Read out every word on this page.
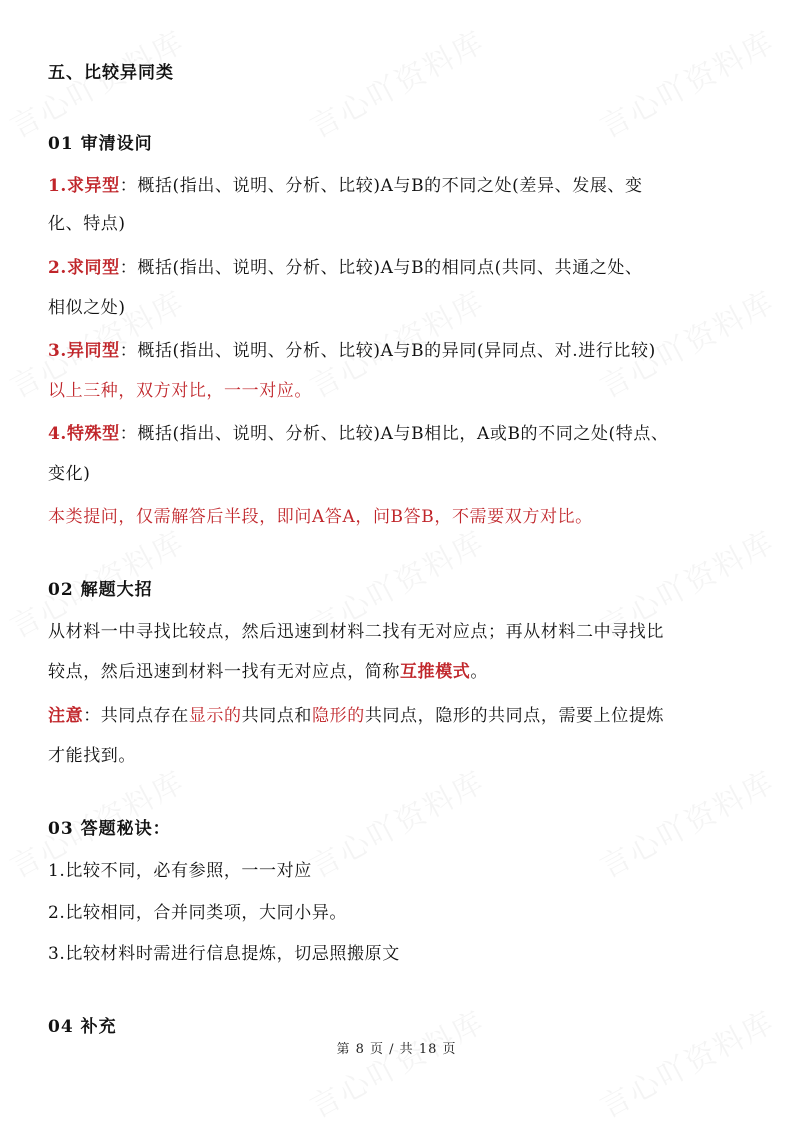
五、比较异同类
01 审清设问
1.求异型：概括(指出、说明、分析、比较)A与B的不同之处(差异、发展、变
化、特点)
2.求同型：概括(指出、说明、分析、比较)A与B的相同点(共同、共通之处、
相似之处)
3.异同型：概括(指出、说明、分析、比较)A与B的异同(异同点、对.进行比较)
以上三种，双方对比，一一对应。
4.特殊型：概括(指出、说明、分析、比较)A与B相比，A或B的不同之处(特点、
变化)
本类提问，仅需解答后半段，即问A答A，问B答B，不需要双方对比。
02 解题大招
从材料一中寻找比较点，然后迅速到材料二找有无对应点；再从材料二中寻找比
较点，然后迅速到材料一找有无对应点，简称互推模式。
注意：共同点存在显示的共同点和隐形的共同点，隐形的共同点，需要上位提炼
才能找到。
03 答题秘诀：
1.比较不同，必有参照，一一对应
2.比较相同，合并同类项，大同小异。
3.比较材料时需进行信息提炼，切忌照搬原文
04 补充
第 8 页 / 共 18 页
